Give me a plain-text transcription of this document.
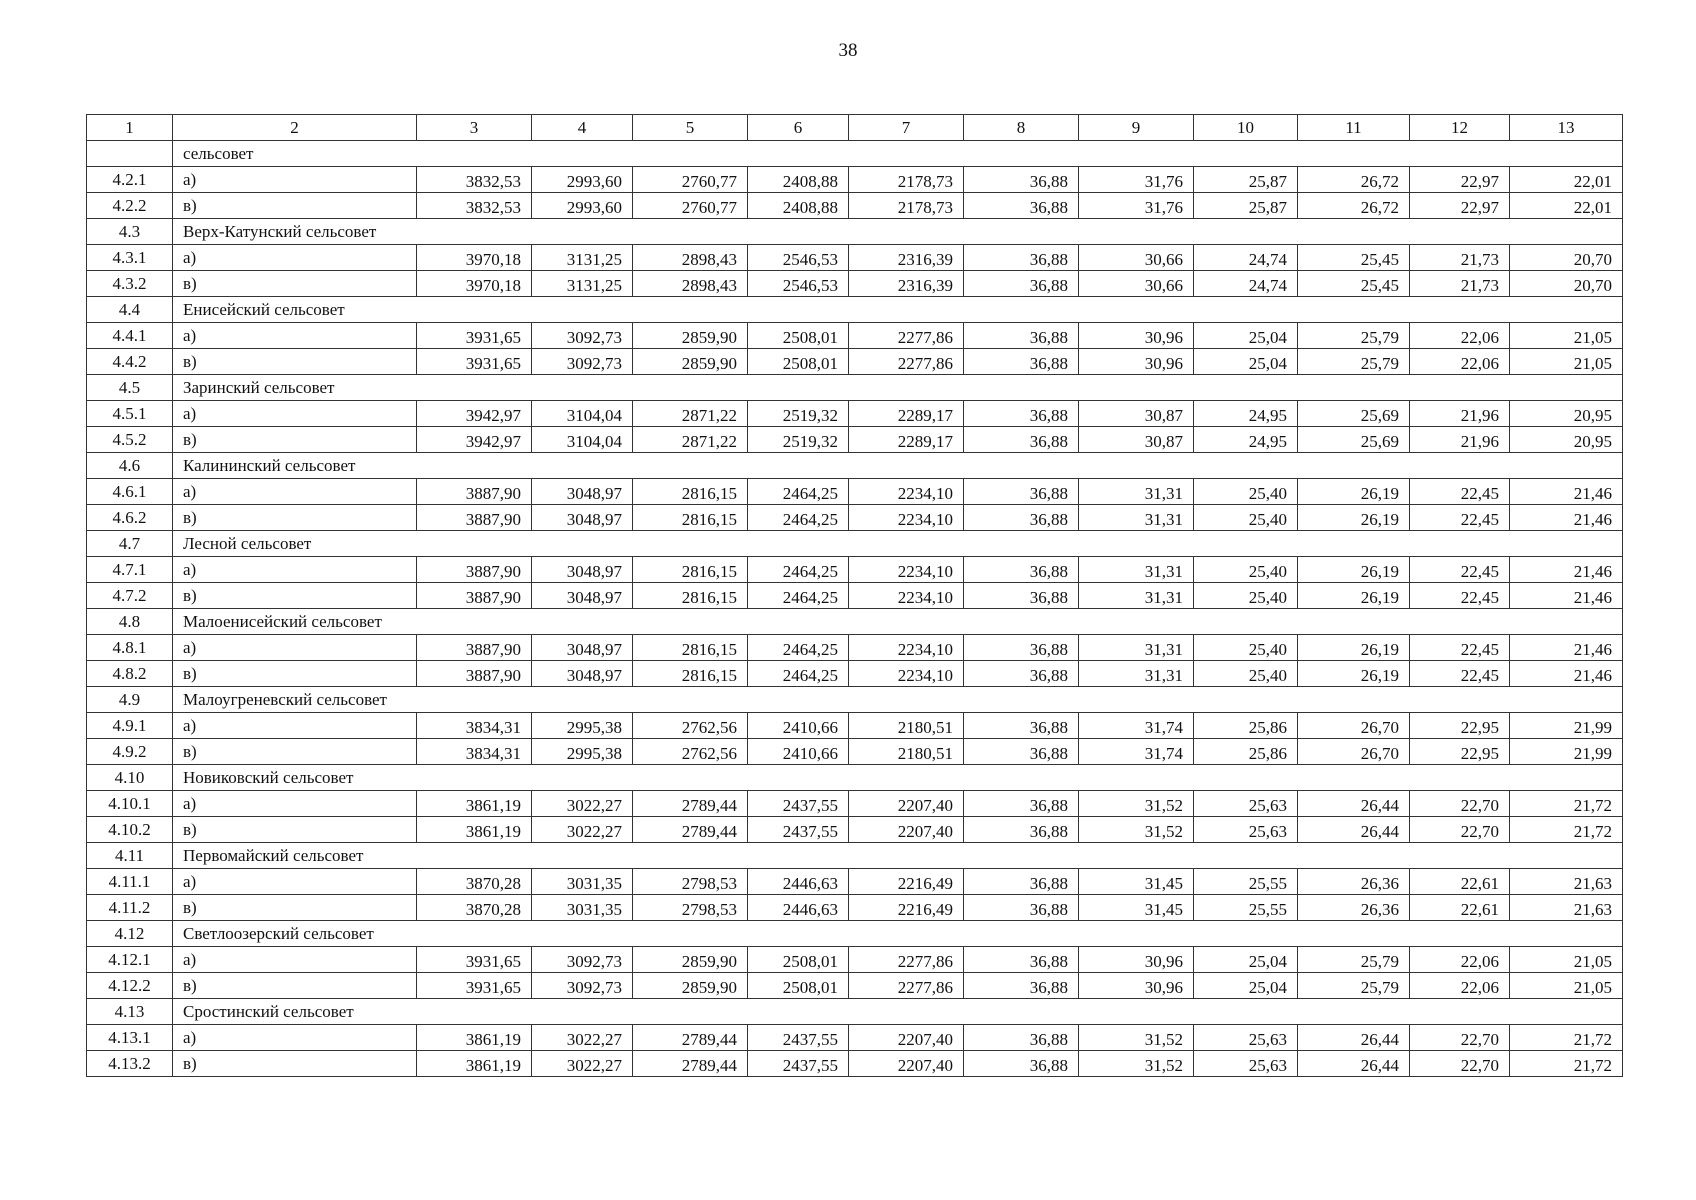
38
1	2	3	4	5	6	7	8	9	10	11	12	13
	сельсовет											
4.2.1	а)	3832,53	2993,60	2760,77	2408,88	2178,73	36,88	31,76	25,87	26,72	22,97	22,01
4.2.2	в)	3832,53	2993,60	2760,77	2408,88	2178,73	36,88	31,76	25,87	26,72	22,97	22,01
4.3	Верх-Катунский сельсовет											
4.3.1	а)	3970,18	3131,25	2898,43	2546,53	2316,39	36,88	30,66	24,74	25,45	21,73	20,70
4.3.2	в)	3970,18	3131,25	2898,43	2546,53	2316,39	36,88	30,66	24,74	25,45	21,73	20,70
4.4	Енисейский сельсовет											
4.4.1	а)	3931,65	3092,73	2859,90	2508,01	2277,86	36,88	30,96	25,04	25,79	22,06	21,05
4.4.2	в)	3931,65	3092,73	2859,90	2508,01	2277,86	36,88	30,96	25,04	25,79	22,06	21,05
4.5	Заринский сельсовет											
4.5.1	а)	3942,97	3104,04	2871,22	2519,32	2289,17	36,88	30,87	24,95	25,69	21,96	20,95
4.5.2	в)	3942,97	3104,04	2871,22	2519,32	2289,17	36,88	30,87	24,95	25,69	21,96	20,95
4.6	Калининский сельсовет											
4.6.1	а)	3887,90	3048,97	2816,15	2464,25	2234,10	36,88	31,31	25,40	26,19	22,45	21,46
4.6.2	в)	3887,90	3048,97	2816,15	2464,25	2234,10	36,88	31,31	25,40	26,19	22,45	21,46
4.7	Лесной сельсовет											
4.7.1	а)	3887,90	3048,97	2816,15	2464,25	2234,10	36,88	31,31	25,40	26,19	22,45	21,46
4.7.2	в)	3887,90	3048,97	2816,15	2464,25	2234,10	36,88	31,31	25,40	26,19	22,45	21,46
4.8	Малоенисейский сельсовет											
4.8.1	а)	3887,90	3048,97	2816,15	2464,25	2234,10	36,88	31,31	25,40	26,19	22,45	21,46
4.8.2	в)	3887,90	3048,97	2816,15	2464,25	2234,10	36,88	31,31	25,40	26,19	22,45	21,46
4.9	Малоугреневский сельсовет											
4.9.1	а)	3834,31	2995,38	2762,56	2410,66	2180,51	36,88	31,74	25,86	26,70	22,95	21,99
4.9.2	в)	3834,31	2995,38	2762,56	2410,66	2180,51	36,88	31,74	25,86	26,70	22,95	21,99
4.10	Новиковский сельсовет											
4.10.1	а)	3861,19	3022,27	2789,44	2437,55	2207,40	36,88	31,52	25,63	26,44	22,70	21,72
4.10.2	в)	3861,19	3022,27	2789,44	2437,55	2207,40	36,88	31,52	25,63	26,44	22,70	21,72
4.11	Первомайский сельсовет											
4.11.1	а)	3870,28	3031,35	2798,53	2446,63	2216,49	36,88	31,45	25,55	26,36	22,61	21,63
4.11.2	в)	3870,28	3031,35	2798,53	2446,63	2216,49	36,88	31,45	25,55	26,36	22,61	21,63
4.12	Светлоозерский сельсовет											
4.12.1	а)	3931,65	3092,73	2859,90	2508,01	2277,86	36,88	30,96	25,04	25,79	22,06	21,05
4.12.2	в)	3931,65	3092,73	2859,90	2508,01	2277,86	36,88	30,96	25,04	25,79	22,06	21,05
4.13	Сростинский сельсовет											
4.13.1	а)	3861,19	3022,27	2789,44	2437,55	2207,40	36,88	31,52	25,63	26,44	22,70	21,72
4.13.2	в)	3861,19	3022,27	2789,44	2437,55	2207,40	36,88	31,52	25,63	26,44	22,70	21,72
